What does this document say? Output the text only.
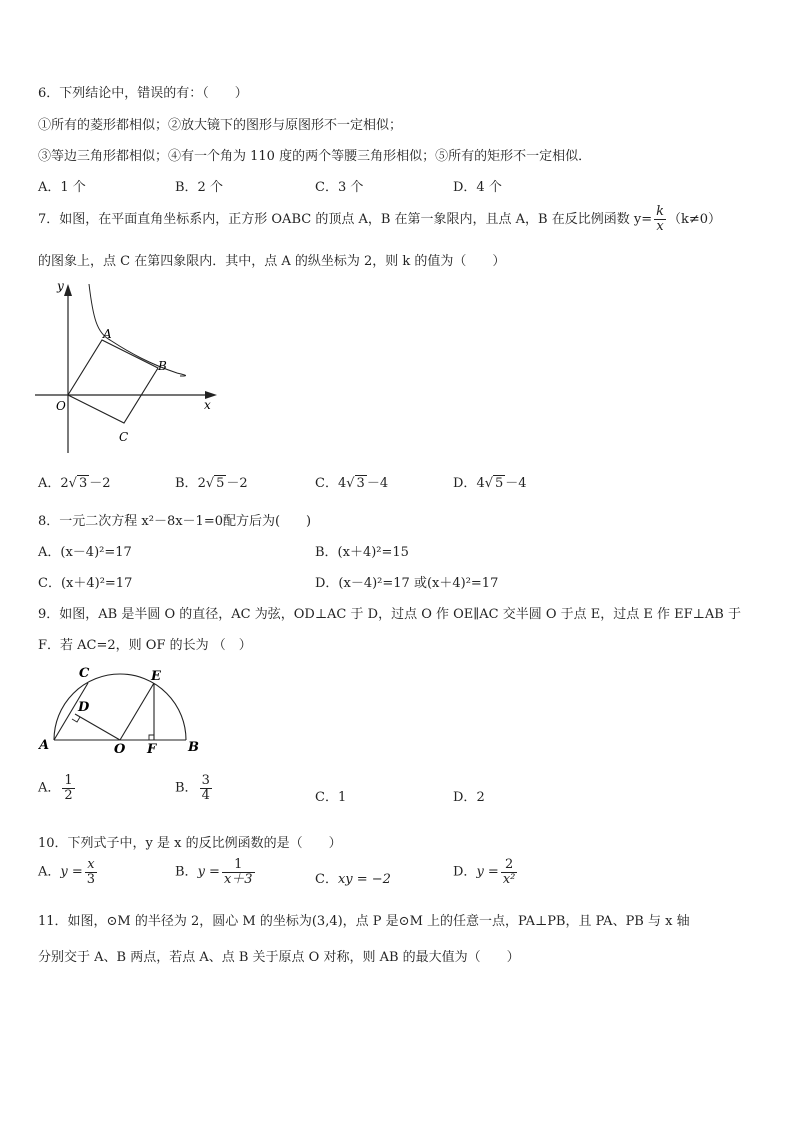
6．下列结论中，错误的有：（　　）
①所有的菱形都相似；②放大镜下的图形与原图形不一定相似；
③等边三角形都相似；④有一个角为 110 度的两个等腰三角形相似；⑤所有的矩形不一定相似．
A．1 个	B．2 个	C．3 个	D．4 个
7．如图，在平面直角坐标系内，正方形 OABC 的顶点 A，B 在第一象限内，且点 A，B 在反比例函数 $y= \frac{k}{x} (k\ne 0)$
的图象上，点 C 在第四象限内．其中，点 A 的纵坐标为 2，则 k 的值为（　　）
y
x
O
A
B
C
A．2√ 3 －2	B．2√ 5 －2	C．4√ 3 －4	D．4√ 5 －4
8．一元二次方程 x²－8x－1=0配方后为(　　)
A．(x－4)²=17	B．(x＋4)²=15
C．(x＋4)²=17	D．(x－4)²=17 或(x＋4)²=17
9．如图，AB 是半圆 O 的直径，AC 为弦，OD⊥AC 于 D，过点 O 作 OE∥AC 交半圆 O 于点 E，过点 E 作 EF⊥AB 于
F．若 AC=2，则 OF 的长为 （　）
A	B
C
D
E
O F
A． $\frac{1}{2}$	B． $\frac{3}{4}$	C．1	D．2
10．下列式子中，y 是 x 的反比例函数的是（　　）
A．$y = \frac{x}{3}$	B．$y = \frac{1}{x+3}$	C．xy = −2	D．$y = \frac{2}{\text{x²}}$
11．如图，⊙M 的半径为 2，圆心 M 的坐标为(3,4)，点 P 是⊙M 上的任意一点，PA⊥PB，且 PA、PB 与 x 轴
分别交于 A、B 两点，若点 A、点 B 关于原点 O 对称，则 AB 的最大值为（　　）
